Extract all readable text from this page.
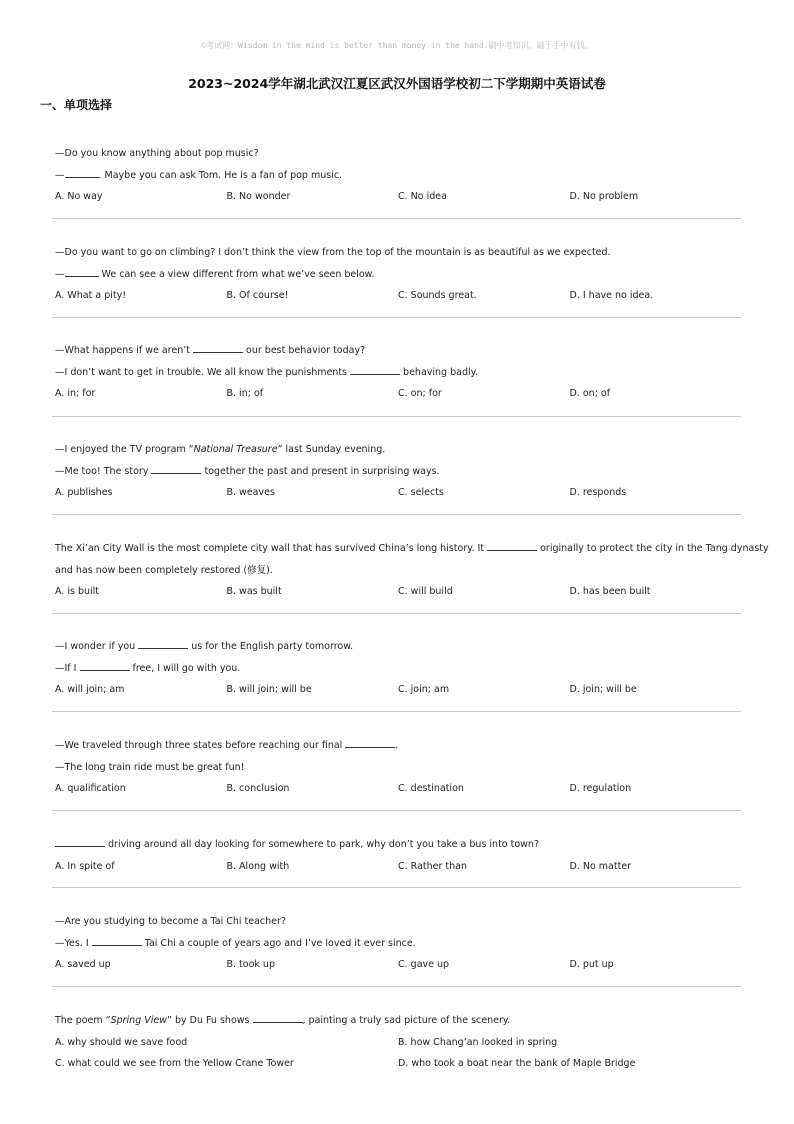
©考试网：Wisdom in the mind is better than money in the hand.刷中考知识，敲于手中有钱。
2023~2024学年湖北武汉江夏区武汉外国语学校初二下学期期中英语试卷
一、单项选择
—Do you know anything about pop music?
—	. Maybe you can ask Tom. He is a fan of pop music.
A. No way	B. No wonder	C. No idea	D. No problem
—Do you want to go on climbing? I don’t think the view from the top of the mountain is as beautiful as we expected.
—	We can see a view different from what we’ve seen below.
A. What a pity!	B. Of course!	C. Sounds great.	D. I have no idea.
—What happens if we aren’t	our best behavior today?
—I don’t want to get in trouble. We all know the punishments	behaving badly.
A. in; for	B. in; of	C. on; for	D. on; of
—I enjoyed the TV program “National Treasure” last Sunday evening.
—Me too! The story	together the past and present in surprising ways.
A. publishes	B. weaves	C. selects	D. responds
The Xi’an City Wall is the most complete city wall that has survived China’s long history. It	originally to protect the city in the Tang dynasty
and has now been completely restored (修复).
A. is built	B. was built	C. will build	D. has been built
—I wonder if you	us for the English party tomorrow.
—If I	free, I will go with you.
A. will join; am	B. will join; will be	C. join; am	D. join; will be
—We traveled through three states before reaching our final	.
—The long train ride must be great fun!
A. qualification	B. conclusion	C. destination	D. regulation
driving around all day looking for somewhere to park, why don’t you take a bus into town?
A. In spite of	B. Along with	C. Rather than	D. No matter
—Are you studying to become a Tai Chi teacher?
—Yes. I	Tai Chi a couple of years ago and I’ve loved it ever since.
A. saved up	B. took up	C. gave up	D. put up
The poem “Spring View” by Du Fu shows	, painting a truly sad picture of the scenery.
A. why should we save food	B. how Chang’an looked in spring
C. what could we see from the Yellow Crane Tower	D. who took a boat near the bank of Maple Bridge
